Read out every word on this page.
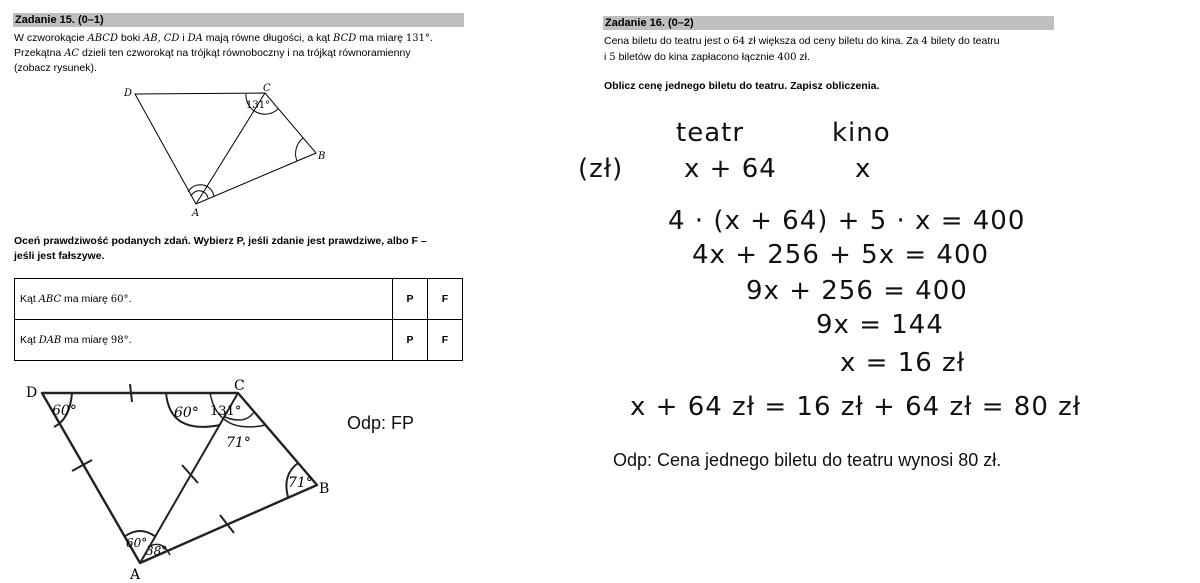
Zadanie 15. (0–1)
W czworokącie ABCD boki AB, CD i DA mają równe długości, a kąt BCD ma miarę 131°.
Przekątna AC dzieli ten czworokąt na trójkąt równoboczny i na trójkąt równoramienny
(zobacz rysunek).
D	C
B
A
131°
Oceń prawdziwość podanych zdań. Wybierz P, jeśli zdanie jest prawdziwe, albo F –
jeśli jest fałszywe.
Kąt ABC ma miarę 60°.	P	F
Kąt DAB ma miarę 98°.	P	F
D	C
B
A
60°	60° 131°
71°
71°
60°
38°
Odp: FP
Zadanie 16. (0–2)
Cena biletu do teatru jest o 64 zł większa od ceny biletu do kina. Za 4 bilety do teatru
i 5 biletów do kina zapłacono łącznie 400 zł.
Oblicz cenę jednego biletu do teatru. Zapisz obliczenia.
teatr	kino
(zł) x + 64	x
4 · (x + 64) + 5 · x = 400
4x + 256 + 5x = 400
9x + 256 = 400
9x = 144
x = 16 zł
x + 64 zł = 16 zł + 64 zł = 80 zł
Odp: Cena jednego biletu do teatru wynosi 80 zł.
